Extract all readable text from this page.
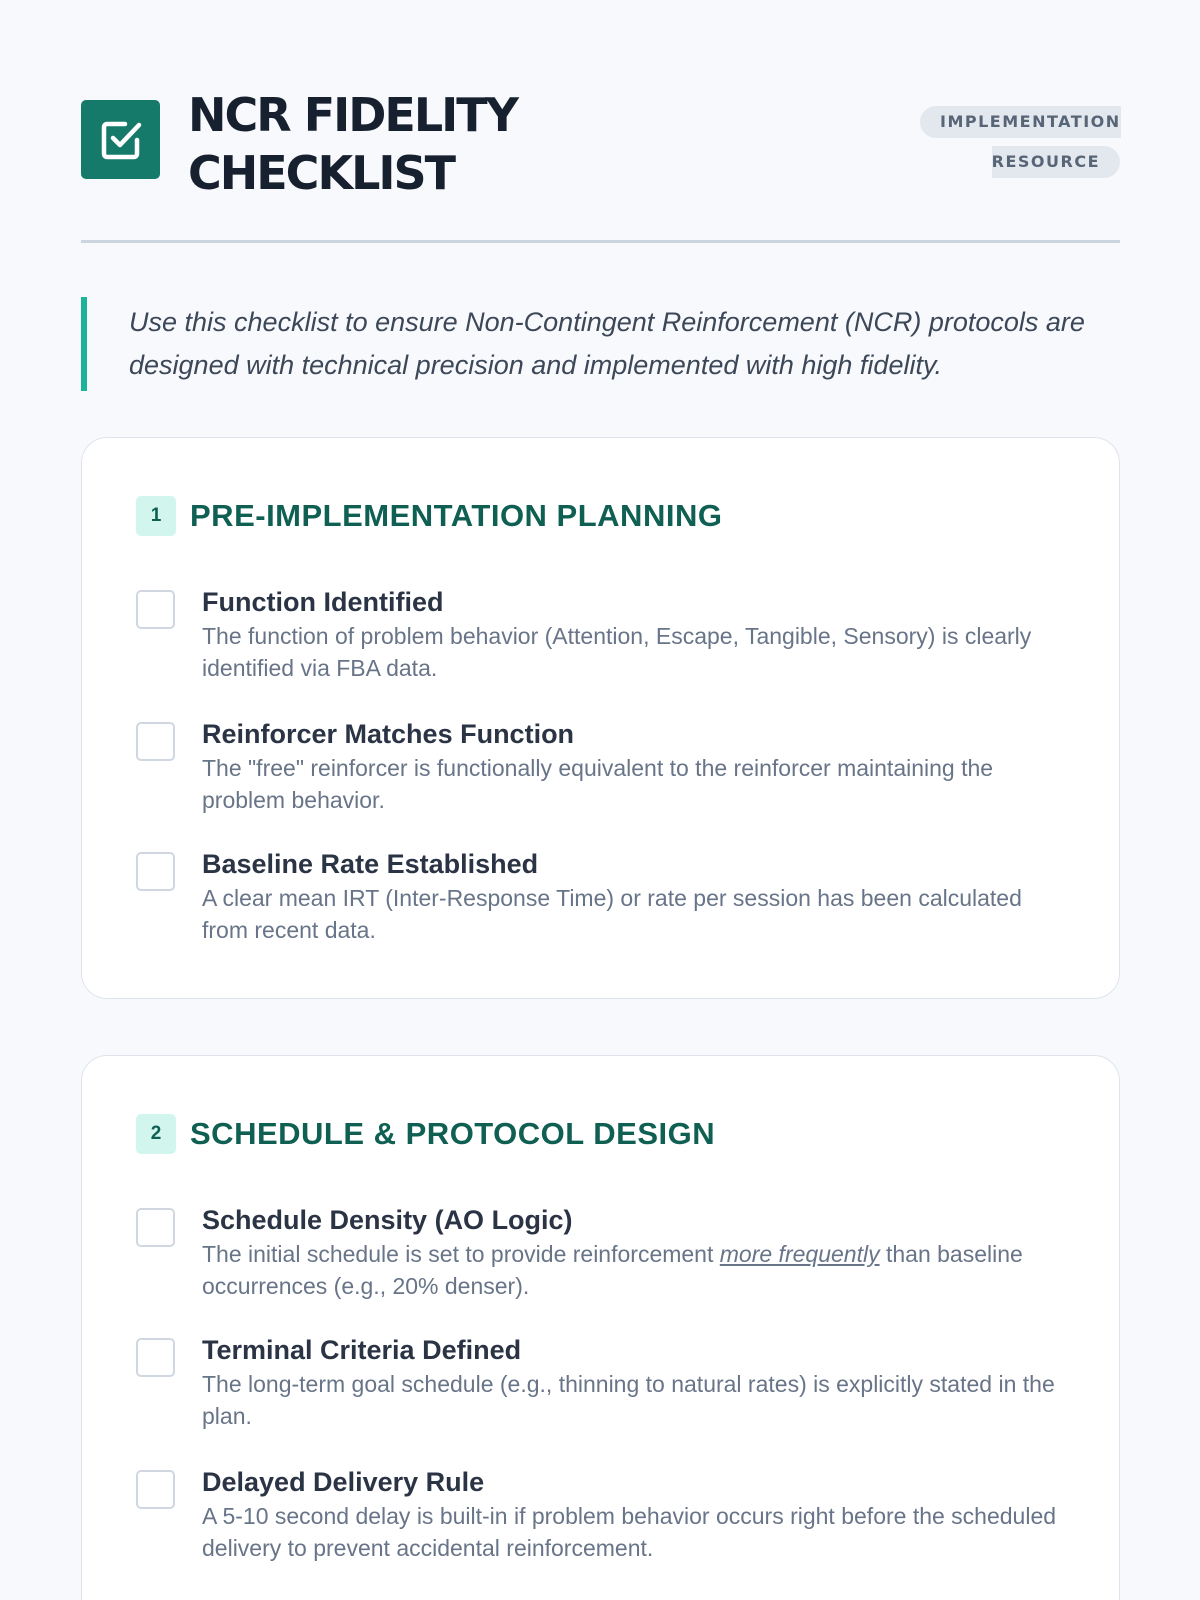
NCR FIDELITY
CHECKLIST
IMPLEMENTATION
RESOURCE

Use this checklist to ensure Non-Contingent Reinforcement (NCR) protocols are designed with technical precision and implemented with high fidelity.

1 PRE-IMPLEMENTATION PLANNING
Function Identified
The function of problem behavior (Attention, Escape, Tangible, Sensory) is clearly identified via FBA data.
Reinforcer Matches Function
The "free" reinforcer is functionally equivalent to the reinforcer maintaining the problem behavior.
Baseline Rate Established
A clear mean IRT (Inter-Response Time) or rate per session has been calculated from recent data.
2 SCHEDULE & PROTOCOL DESIGN
Schedule Density (AO Logic)
The initial schedule is set to provide reinforcement more frequently than baseline occurrences (e.g., 20% denser).
Terminal Criteria Defined
The long-term goal schedule (e.g., thinning to natural rates) is explicitly stated in the plan.
Delayed Delivery Rule
A 5-10 second delay is built-in if problem behavior occurs right before the scheduled delivery to prevent accidental reinforcement.
